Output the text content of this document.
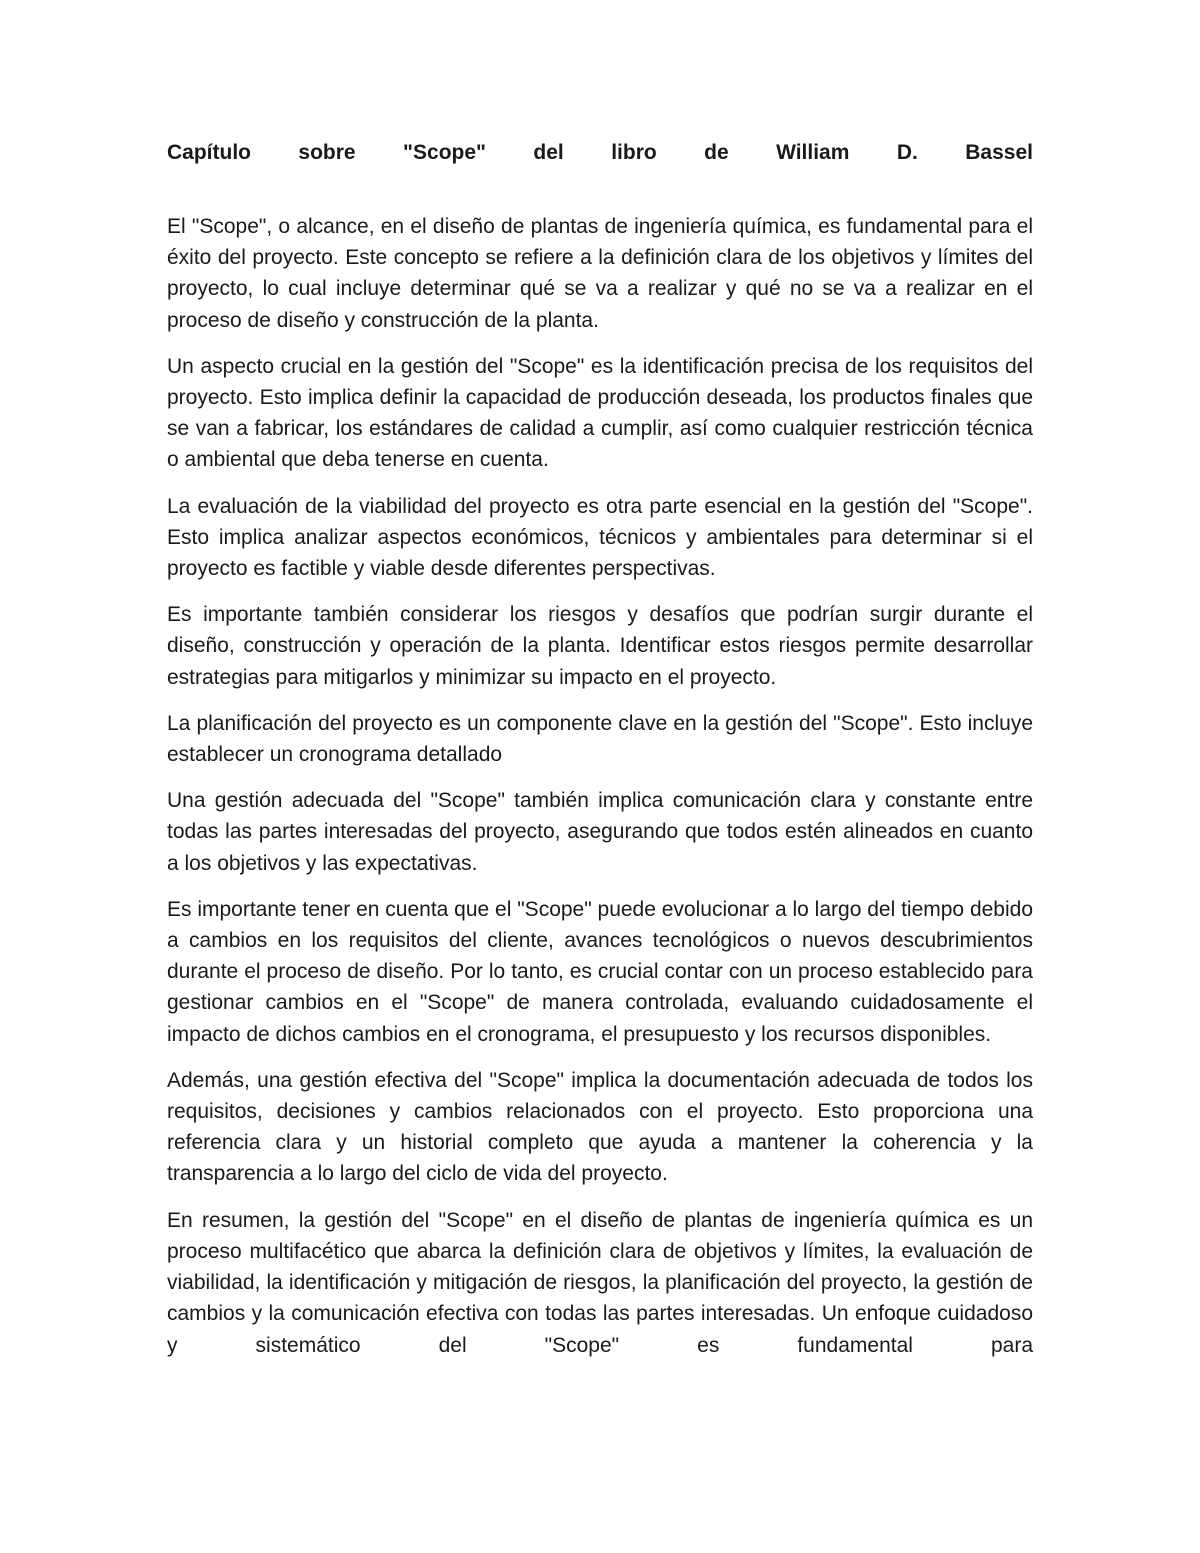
Capítulo sobre "Scope" del libro de William D. Bassel

El "Scope", o alcance, en el diseño de plantas de ingeniería química, es fundamental para el éxito del proyecto. Este concepto se refiere a la definición clara de los objetivos y límites del proyecto, lo cual incluye determinar qué se va a realizar y qué no se va a realizar en el proceso de diseño y construcción de la planta.

Un aspecto crucial en la gestión del "Scope" es la identificación precisa de los requisitos del proyecto. Esto implica definir la capacidad de producción deseada, los productos finales que se van a fabricar, los estándares de calidad a cumplir, así como cualquier restricción técnica o ambiental que deba tenerse en cuenta.

La evaluación de la viabilidad del proyecto es otra parte esencial en la gestión del "Scope". Esto implica analizar aspectos económicos, técnicos y ambientales para determinar si el proyecto es factible y viable desde diferentes perspectivas.

Es importante también considerar los riesgos y desafíos que podrían surgir durante el diseño, construcción y operación de la planta. Identificar estos riesgos permite desarrollar estrategias para mitigarlos y minimizar su impacto en el proyecto.

La planificación del proyecto es un componente clave en la gestión del "Scope". Esto incluye establecer un cronograma detallado

Una gestión adecuada del "Scope" también implica comunicación clara y constante entre todas las partes interesadas del proyecto, asegurando que todos estén alineados en cuanto a los objetivos y las expectativas.

Es importante tener en cuenta que el "Scope" puede evolucionar a lo largo del tiempo debido a cambios en los requisitos del cliente, avances tecnológicos o nuevos descubrimientos durante el proceso de diseño. Por lo tanto, es crucial contar con un proceso establecido para gestionar cambios en el "Scope" de manera controlada, evaluando cuidadosamente el impacto de dichos cambios en el cronograma, el presupuesto y los recursos disponibles.

Además, una gestión efectiva del "Scope" implica la documentación adecuada de todos los requisitos, decisiones y cambios relacionados con el proyecto. Esto proporciona una referencia clara y un historial completo que ayuda a mantener la coherencia y la transparencia a lo largo del ciclo de vida del proyecto.

En resumen, la gestión del "Scope" en el diseño de plantas de ingeniería química es un proceso multifacético que abarca la definición clara de objetivos y límites, la evaluación de viabilidad, la identificación y mitigación de riesgos, la planificación del proyecto, la gestión de cambios y la comunicación efectiva con todas las partes interesadas. Un enfoque cuidadoso y sistemático del "Scope" es fundamental para
